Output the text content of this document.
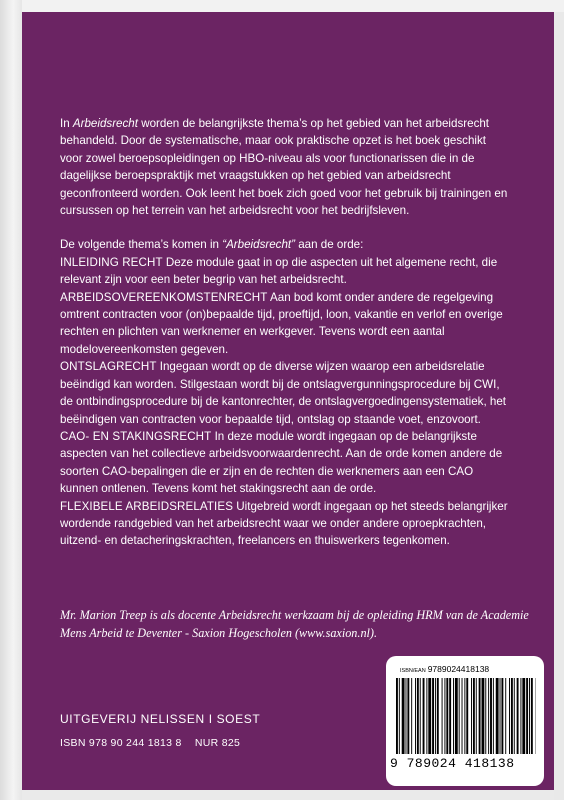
In Arbeidsrecht worden de belangrijkste thema’s op het gebied van het arbeidsrecht behandeld. Door de systematische, maar ook praktische opzet is het boek geschikt voor zowel beroepsopleidingen op HBO-niveau als voor functionarissen die in de dagelijkse beroepspraktijk met vraagstukken op het gebied van arbeidsrecht geconfronteerd worden. Ook leent het boek zich goed voor het gebruik bij trainingen en cursussen op het terrein van het arbeidsrecht voor het bedrijfsleven.

De volgende thema’s komen in “Arbeidsrecht” aan de orde:

INLEIDING RECHT Deze module gaat in op die aspecten uit het algemene recht, die relevant zijn voor een beter begrip van het arbeidsrecht.

ARBEIDSOVEREENKOMSTENRECHT Aan bod komt onder andere de regelgeving omtrent contracten voor (on)bepaalde tijd, proeftijd, loon, vakantie en verlof en overige rechten en plichten van werknemer en werkgever. Tevens wordt een aantal modelovereenkomsten gegeven.

ONTSLAGRECHT Ingegaan wordt op de diverse wijzen waarop een arbeidsrelatie beëindigd kan worden. Stilgestaan wordt bij de ontslagvergunningsprocedure bij CWI, de ontbindingsprocedure bij de kantonrechter, de ontslagvergoedingensystematiek, het beëindigen van contracten voor bepaalde tijd, ontslag op staande voet, enzovoort.

CAO- EN STAKINGSRECHT In deze module wordt ingegaan op de belangrijkste aspecten van het collectieve arbeidsvoorwaardenrecht. Aan de orde komen andere de soorten CAO-bepalingen die er zijn en de rechten die werknemers aan een CAO kunnen ontlenen. Tevens komt het stakingsrecht aan de orde.

FLEXIBELE ARBEIDSRELATIES Uitgebreid wordt ingegaan op het steeds belangrijker wordende randgebied van het arbeidsrecht waar we onder andere oproepkrachten, uitzend- en detacheringskrachten, freelancers en thuiswerkers tegenkomen.

Mr. Marion Treep is als docente Arbeidsrecht werkzaam bij de opleiding HRM van de Academie Mens Arbeid te Deventer - Saxion Hogescholen (www.saxion.nl).

UITGEVERIJ NELISSEN I SOEST
ISBN 978 90 244 1813 8 NUR 825
ISBN/EAN 9789024418138
9 789024 418138
